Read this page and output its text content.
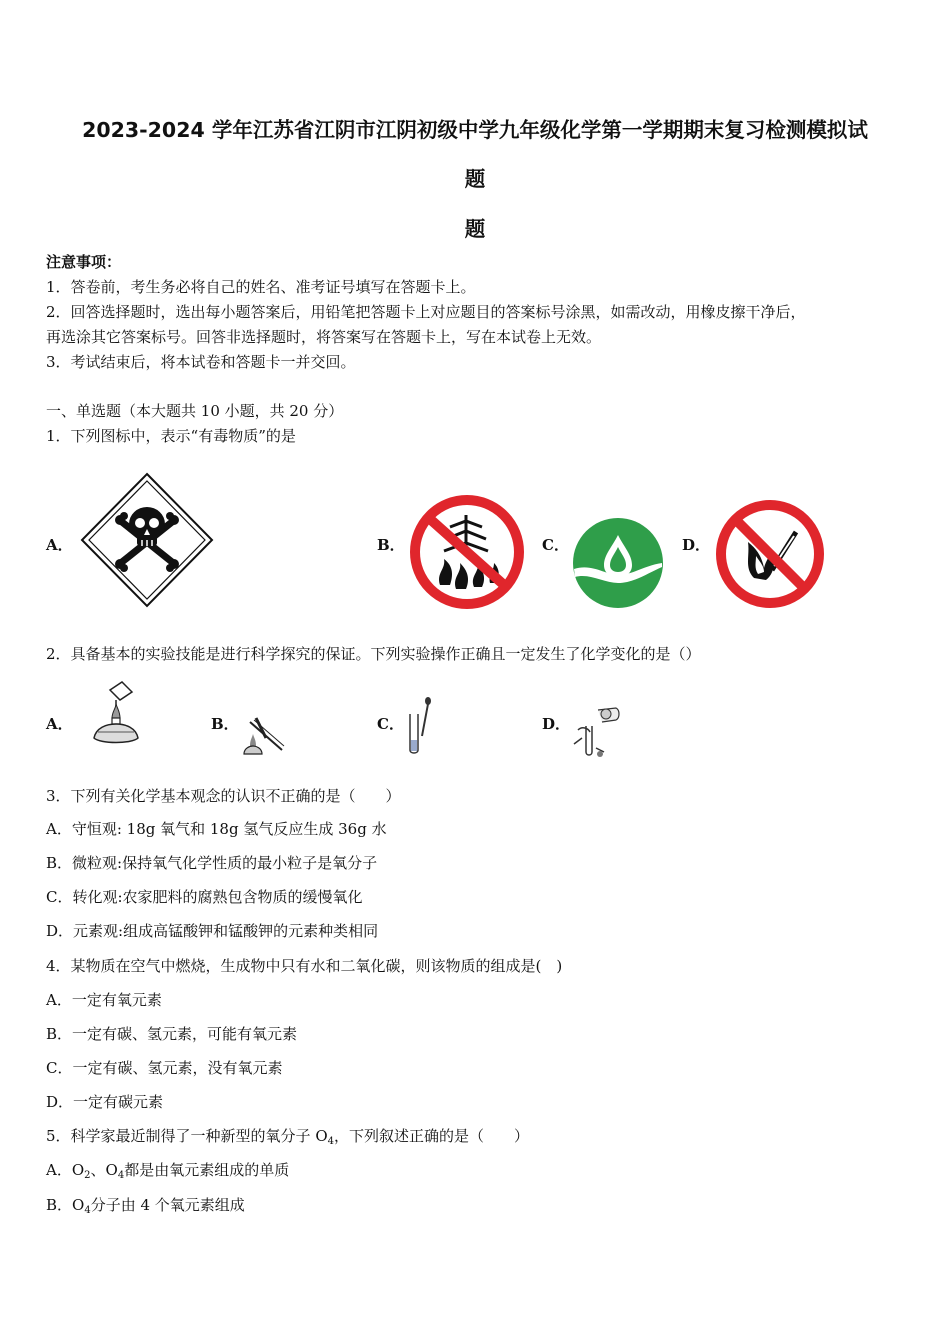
2023-2024 学年江苏省江阴市江阴初级中学九年级化学第一学期期末复习检测模拟试
题
题
注意事项：
1．答卷前，考生务必将自己的姓名、准考证号填写在答题卡上。
2．回答选择题时，选出每小题答案后，用铅笔把答题卡上对应题目的答案标号涂黑，如需改动，用橡皮擦干净后，
再选涂其它答案标号。回答非选择题时，将答案写在答题卡上，写在本试卷上无效。
3．考试结束后，将本试卷和答题卡一并交回。
一、单选题（本大题共 10 小题，共 20 分）
1．下列图标中，表示“有毒物质”的是
A．	B．	C．	D．
2．具备基本的实验技能是进行科学探究的保证。下列实验操作正确且一定发生了化学变化的是（）
A．	B．	C．	D．
3．下列有关化学基本观念的认识不正确的是（　　）
A．守恒观: 18g 氧气和 18g 氢气反应生成 36g 水
B．微粒观:保持氧气化学性质的最小粒子是氧分子
C．转化观:农家肥料的腐熟包含物质的缓慢氧化
D．元素观:组成高锰酸钾和锰酸钾的元素种类相同
4．某物质在空气中燃烧，生成物中只有水和二氧化碳，则该物质的组成是(　)
A．一定有氧元素
B．一定有碳、氢元素，可能有氧元素
C．一定有碳、氢元素，没有氧元素
D．一定有碳元素
5．科学家最近制得了一种新型的氧分子 $O_4$，下列叙述正确的是（　　）
A．$O_2$、$O_4$都是由氧元素组成的单质
B．$O_4$分子由 4 个氧元素组成
